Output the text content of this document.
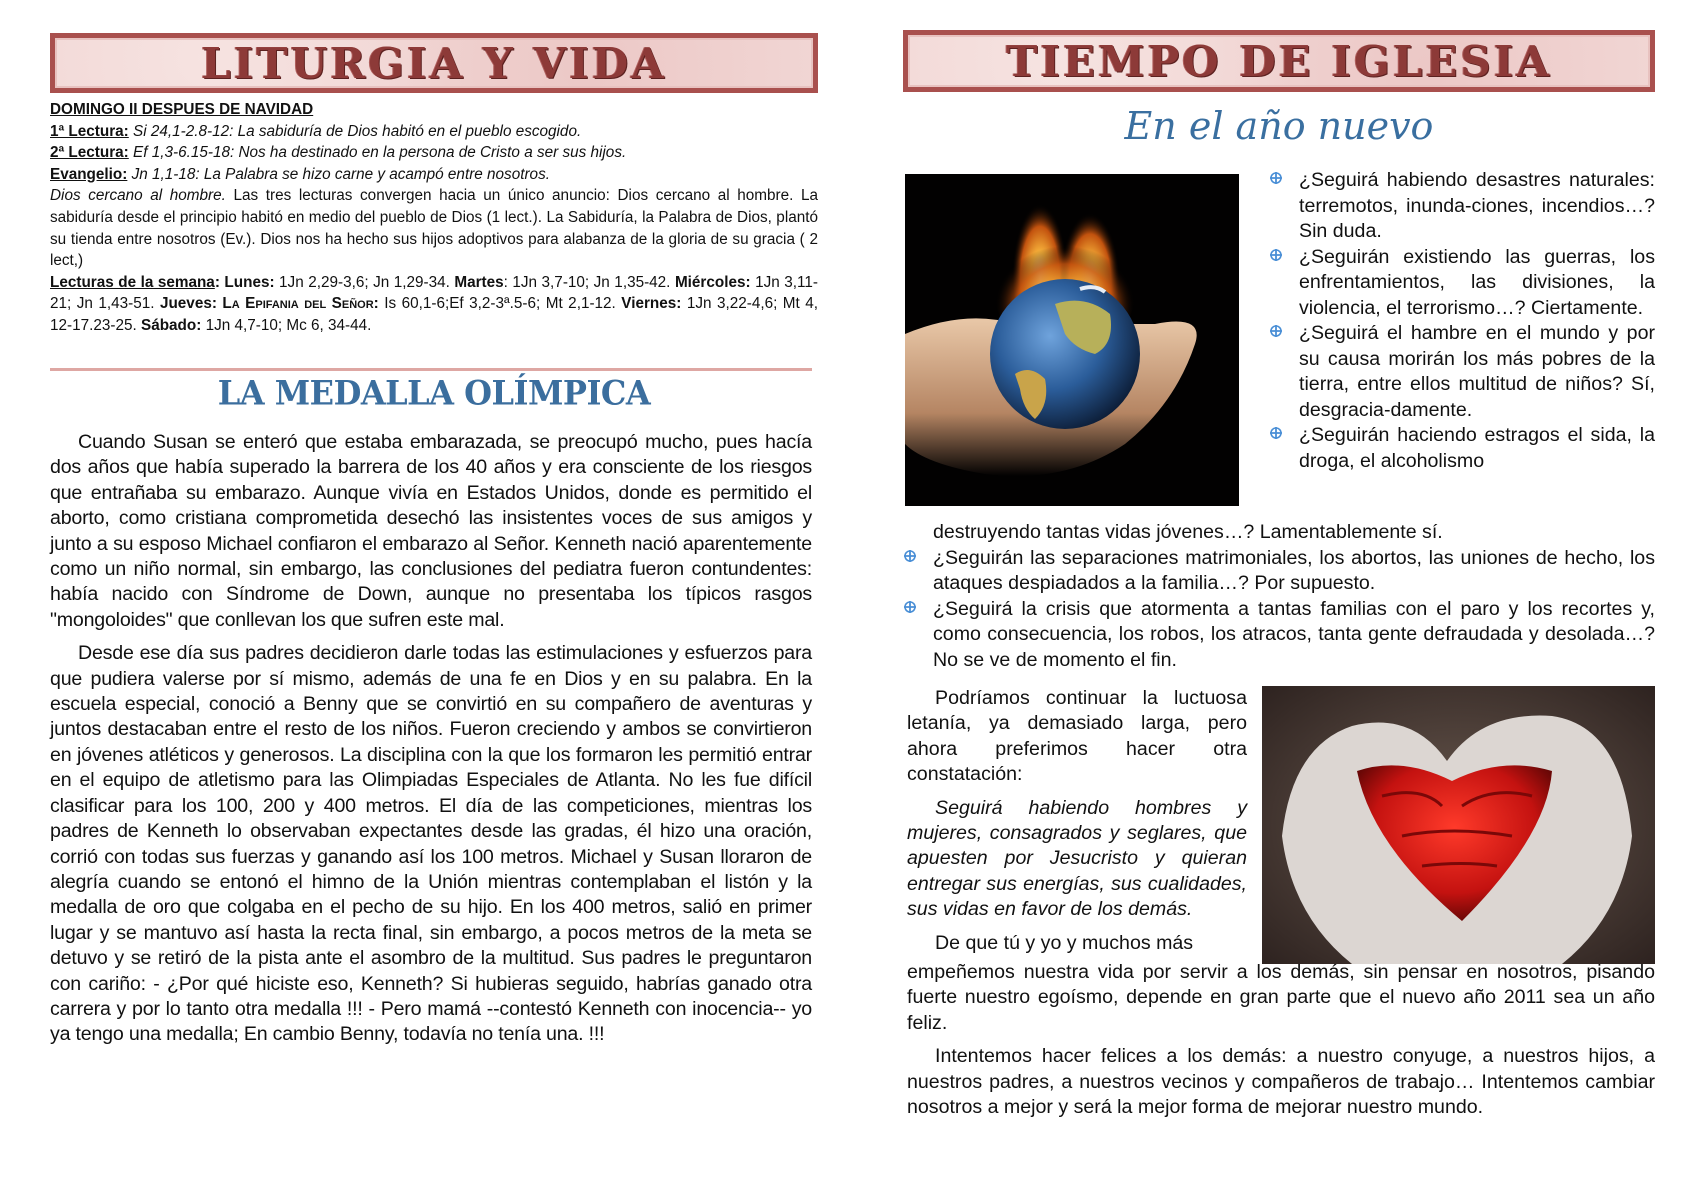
LITURGIA Y VIDA
DOMINGO II DESPUES DE NAVIDAD
1ª Lectura: Si 24,1-2.8-12: La sabiduría de Dios habitó en el pueblo escogido.
2ª Lectura: Ef 1,3-6.15-18: Nos ha destinado en la persona de Cristo a ser sus hijos.
Evangelio: Jn 1,1-18: La Palabra se hizo carne y acampó entre nosotros.
Dios cercano al hombre. Las tres lecturas convergen hacia un único anuncio: Dios cercano al hombre. La sabiduría desde el principio habitó en medio del pueblo de Dios (1 lect.). La Sabiduría, la Palabra de Dios, plantó su tienda entre nosotros (Ev.). Dios nos ha hecho sus hijos adoptivos para alabanza de la gloria de su gracia ( 2 lect,)
Lecturas de la semana: Lunes: 1Jn 2,29-3,6; Jn 1,29-34. Martes: 1Jn 3,7-10; Jn 1,35-42. Miércoles: 1Jn 3,11-21; Jn 1,43-51. Jueves: La Epifania del Señor: Is 60,1-6;Ef 3,2-3ª.5-6; Mt 2,1-12. Viernes: 1Jn 3,22-4,6; Mt 4, 12-17.23-25. Sábado: 1Jn 4,7-10; Mc 6, 34-44.
LA MEDALLA OLÍMPICA

Cuando Susan se enteró que estaba embarazada, se preocupó mucho, pues hacía dos años que había superado la barrera de los 40 años y era consciente de los riesgos que entrañaba su embarazo. Aunque vivía en Estados Unidos, donde es permitido el aborto, como cristiana comprometida desechó las insistentes voces de sus amigos y junto a su esposo Michael confiaron el embarazo al Señor. Kenneth nació aparentemente como un niño normal, sin embargo, las conclusiones del pediatra fueron contundentes: había nacido con Síndrome de Down, aunque no presentaba los típicos rasgos "mongoloides" que conllevan los que sufren este mal.

Desde ese día sus padres decidieron darle todas las estimulaciones y esfuerzos para que pudiera valerse por sí mismo, además de una fe en Dios y en su palabra. En la escuela especial, conoció a Benny que se convirtió en su compañero de aventuras y juntos destacaban entre el resto de los niños. Fueron creciendo y ambos se convirtieron en jóvenes atléticos y generosos. La disciplina con la que los formaron les permitió entrar en el equipo de atletismo para las Olimpiadas Especiales de Atlanta. No les fue difícil clasificar para los 100, 200 y 400 metros. El día de las competiciones, mientras los padres de Kenneth lo observaban expectantes desde las gradas, él hizo una oración, corrió con todas sus fuerzas y ganando así los 100 metros. Michael y Susan lloraron de alegría cuando se entonó el himno de la Unión mientras contemplaban el listón y la medalla de oro que colgaba en el pecho de su hijo. En los 400 metros, salió en primer lugar y se mantuvo así hasta la recta final, sin embargo, a pocos metros de la meta se detuvo y se retiró de la pista ante el asombro de la multitud. Sus padres le preguntaron con cariño: - ¿Por qué hiciste eso, Kenneth? Si hubieras seguido, habrías ganado otra carrera y por lo tanto otra medalla !!! - Pero mamá --contestó Kenneth con inocencia-- yo ya tengo una medalla; En cambio Benny, todavía no tenía una. !!!

TIEMPO DE IGLESIA
En el año nuevo
¿Seguirá habiendo desastres naturales: terremotos, inunda-ciones, incendios…? Sin duda.
¿Seguirán existiendo las guerras, los enfrentamientos, las divisiones, la violencia, el terrorismo…? Ciertamente.
¿Seguirá el hambre en el mundo y por su causa morirán los más pobres de la tierra, entre ellos multitud de niños? Sí, desgracia-damente.
¿Seguirán haciendo estragos el sida, la droga, el alcoholismo
destruyendo tantas vidas jóvenes…? Lamentablemente sí.
¿Seguirán las separaciones matrimoniales, los abortos, las uniones de hecho, los ataques despiadados a la familia…? Por supuesto.
¿Seguirá la crisis que atormenta a tantas familias con el paro y los recortes y, como consecuencia, los robos, los atracos, tanta gente defraudada y desolada…? No se ve de momento el fin.

Podríamos continuar la luctuosa letanía, ya demasiado larga, pero ahora preferimos hacer otra constatación:

Seguirá habiendo hombres y mujeres, consagrados y seglares, que apuesten por Jesucristo y quieran entregar sus energías, sus cualidades, sus vidas en favor de los demás.

De que tú y yo y muchos más

empeñemos nuestra vida por servir a los demás, sin pensar en nosotros, pisando fuerte nuestro egoísmo, depende en gran parte que el nuevo año 2011 sea un año feliz.

Intentemos hacer felices a los demás: a nuestro conyuge, a nuestros hijos, a nuestros padres, a nuestros vecinos y compañeros de trabajo… Intentemos cambiar nosotros a mejor y será la mejor forma de mejorar nuestro mundo.
